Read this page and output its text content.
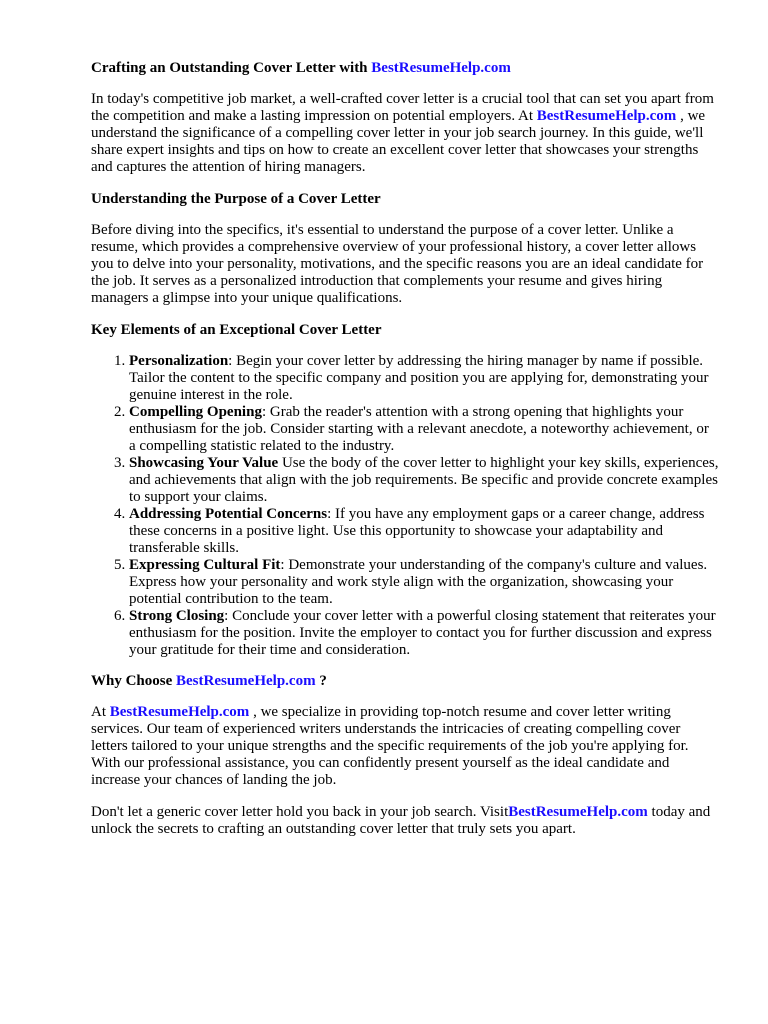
Crafting an Outstanding Cover Letter with BestResumeHelp.com
In today's competitive job market, a well-crafted cover letter is a crucial tool that can set you apart from the competition and make a lasting impression on potential employers. At BestResumeHelp.com , we understand the significance of a compelling cover letter in your job search journey. In this guide, we'll share expert insights and tips on how to create an excellent cover letter that showcases your strengths and captures the attention of hiring managers.
Understanding the Purpose of a Cover Letter
Before diving into the specifics, it's essential to understand the purpose of a cover letter. Unlike a resume, which provides a comprehensive overview of your professional history, a cover letter allows you to delve into your personality, motivations, and the specific reasons you are an ideal candidate for the job. It serves as a personalized introduction that complements your resume and gives hiring managers a glimpse into your unique qualifications.
Key Elements of an Exceptional Cover Letter
1. Personalization: Begin your cover letter by addressing the hiring manager by name if possible. Tailor the content to the specific company and position you are applying for, demonstrating your genuine interest in the role.
2. Compelling Opening: Grab the reader's attention with a strong opening that highlights your enthusiasm for the job. Consider starting with a relevant anecdote, a noteworthy achievement, or a compelling statistic related to the industry.
3. Showcasing Your Value Use the body of the cover letter to highlight your key skills, experiences, and achievements that align with the job requirements. Be specific and provide concrete examples to support your claims.
4. Addressing Potential Concerns: If you have any employment gaps or a career change, address these concerns in a positive light. Use this opportunity to showcase your adaptability and transferable skills.
5. Expressing Cultural Fit: Demonstrate your understanding of the company's culture and values. Express how your personality and work style align with the organization, showcasing your potential contribution to the team.
6. Strong Closing: Conclude your cover letter with a powerful closing statement that reiterates your enthusiasm for the position. Invite the employer to contact you for further discussion and express your gratitude for their time and consideration.
Why Choose BestResumeHelp.com ?
At BestResumeHelp.com , we specialize in providing top-notch resume and cover letter writing services. Our team of experienced writers understands the intricacies of creating compelling cover letters tailored to your unique strengths and the specific requirements of the job you're applying for. With our professional assistance, you can confidently present yourself as the ideal candidate and increase your chances of landing the job.
Don't let a generic cover letter hold you back in your job search. VisitBestResumeHelp.com today and unlock the secrets to crafting an outstanding cover letter that truly sets you apart.
